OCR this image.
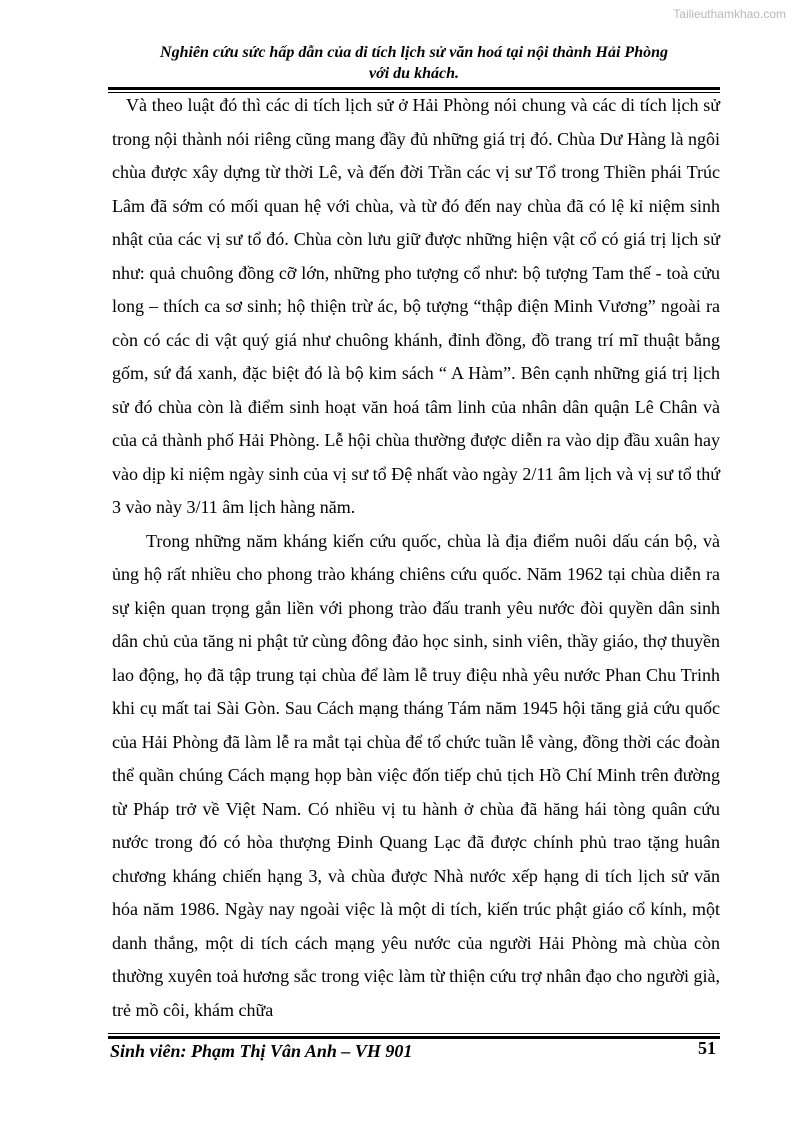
Tailieuthamkhao.com
Nghiên cứu sức hấp dẫn của di tích lịch sử văn hoá tại nội thành Hải Phòng
với du khách.

Và theo luật đó thì các di tích lịch sử ở Hải Phòng nói chung và các di tích lịch sử trong nội thành nói riêng cũng mang đầy đủ những giá trị đó. Chùa Dư Hàng là ngôi chùa được xây dựng từ thời Lê, và đến đời Trần các vị sư Tổ trong Thiền phái Trúc Lâm đã sớm có mối quan hệ với chùa, và từ đó đến nay chùa đã có lệ kỉ niệm sinh nhật của các vị sư tổ đó. Chùa còn lưu giữ được những hiện vật cổ có giá trị lịch sử như: quả chuông đồng cỡ lớn, những pho tượng cổ như: bộ tượng Tam thế - toà cửu long – thích ca sơ sinh; hộ thiện trừ ác, bộ tượng “thập điện Minh Vương” ngoài ra còn có các di vật quý giá như chuông khánh, đỉnh đồng, đồ trang trí mĩ thuật bằng gốm, sứ đá xanh, đặc biệt đó là bộ kim sách “ A Hàm”. Bên cạnh những giá trị lịch sử đó chùa còn là điểm sinh hoạt văn hoá tâm linh của nhân dân quận Lê Chân và của cả thành phố Hải Phòng. Lễ hội chùa thường được diễn ra vào dịp đầu xuân hay vào dịp kỉ niệm ngày sinh của vị sư tổ Đệ nhất vào ngày 2/11 âm lịch và vị sư tổ thứ 3 vào này 3/11 âm lịch hàng năm.

Trong những năm kháng kiến cứu quốc, chùa là địa điểm nuôi dấu cán bộ, và ủng hộ rất nhiều cho phong trào kháng chiêns cứu quốc. Năm 1962 tại chùa diễn ra sự kiện quan trọng gắn liền với phong trào đấu tranh yêu nước đòi quyền dân sinh dân chủ của tăng ni phật tử cùng đông đảo học sinh, sinh viên, thầy giáo, thợ thuyền lao động, họ đã tập trung tại chùa để làm lễ truy điệu nhà yêu nước Phan Chu Trinh khi cụ mất tai Sài Gòn. Sau Cách mạng tháng Tám năm 1945 hội tăng giả cứu quốc của Hải Phòng đã làm lễ ra mắt tại chùa để tổ chức tuần lễ vàng, đồng thời các đoàn thể quần chúng Cách mạng họp bàn việc đốn tiếp chủ tịch Hồ Chí Minh trên đường từ Pháp trở về Việt Nam. Có nhiều vị tu hành ở chùa đã hăng hái tòng quân cứu nước trong đó có hòa thượng Đinh Quang Lạc đã được chính phủ trao tặng huân chương kháng chiến hạng 3, và chùa được Nhà nước xếp hạng di tích lịch sử văn hóa năm 1986. Ngày nay ngoài việc là một di tích, kiến trúc phật giáo cổ kính, một danh thắng, một di tích cách mạng yêu nước của người Hải Phòng mà chùa còn thường xuyên toả hương sắc trong việc làm từ thiện cứu trợ nhân đạo cho người già, trẻ mồ côi, khám chữa

Sinh viên: Phạm Thị Vân Anh – VH 901	51
